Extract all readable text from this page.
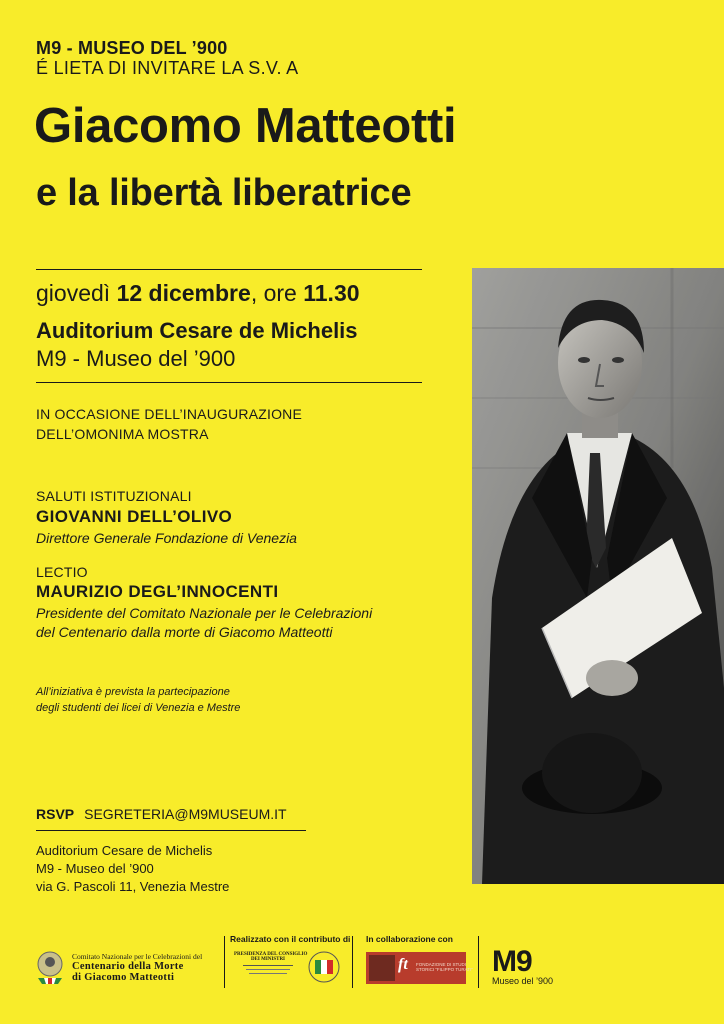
M9 - MUSEO DEL ’900
É LIETA DI INVITARE LA S.V. A
Giacomo Matteotti
e la libertà liberatrice
giovedì 12 dicembre, ore 11.30
Auditorium Cesare de Michelis
M9 - Museo del ’900
IN OCCASIONE DELL’INAUGURAZIONE
DELL’OMONIMA MOSTRA
SALUTI ISTITUZIONALI
GIOVANNI DELL’OLIVO
Direttore Generale Fondazione di Venezia
LECTIO
MAURIZIO DEGL’INNOCENTI
Presidente del Comitato Nazionale per le Celebrazioni
del Centenario dalla morte di Giacomo Matteotti
All’iniziativa è prevista la partecipazione
degli studenti dei licei di Venezia e Mestre
RSVP SEGRETERIA@M9MUSEUM.IT
Auditorium Cesare de Michelis
M9 - Museo del ’900
via G. Pascoli 11, Venezia Mestre
Comitato Nazionale per le Celebrazioni del
Centenario della Morte
di Giacomo Matteotti
Realizzato con il contributo di
PRESIDENZA DEL CONSIGLIO
DEI MINISTRI
In collaborazione con
ft FONDAZIONE DI STUDI
STORICI “FILIPPO TURATI” M9
Museo del ’900
